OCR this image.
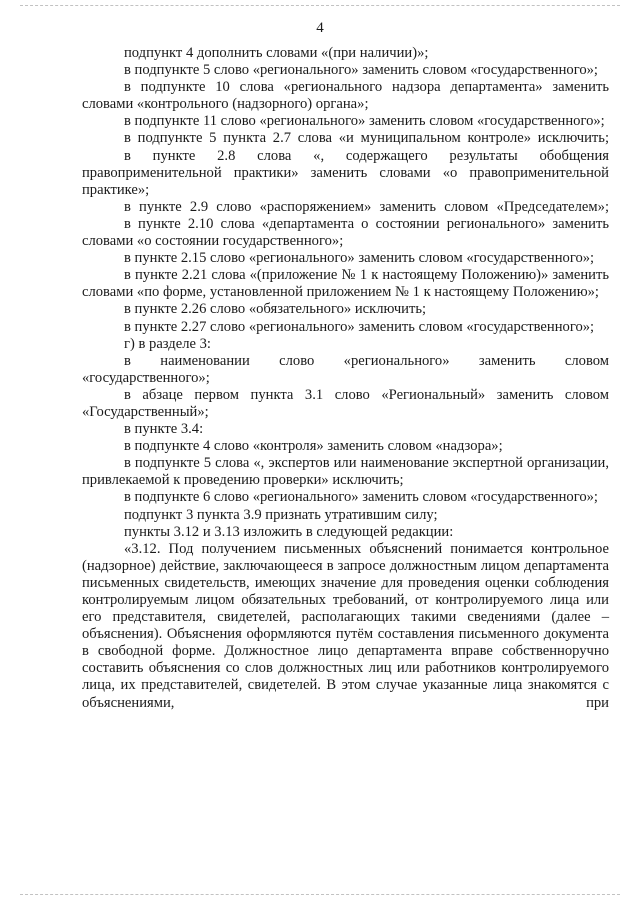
4

подпункт 4 дополнить словами «(при наличии)»;

в подпункте 5 слово «регионального» заменить словом «государственного»;

в подпункте 10 слова «регионального надзора департамента» заменить словами «контрольного (надзорного) органа»;

в подпункте 11 слово «регионального» заменить словом «государственного»;

в подпункте 5 пункта 2.7 слова «и муниципальном контроле» исключить;

в пункте 2.8 слова «, содержащего результаты обобщения правоприменительной практики» заменить словами «о правоприменительной практике»;

в пункте 2.9 слово «распоряжением» заменить словом «Председателем»;

в пункте 2.10 слова «департамента о состоянии регионального» заменить словами «о состоянии государственного»;

в пункте 2.15 слово «регионального» заменить словом «государственного»;

в пункте 2.21 слова «(приложение № 1 к настоящему Положению)» заменить словами «по форме, установленной приложением № 1 к настоящему Положению»;

в пункте 2.26 слово «обязательного» исключить;

в пункте 2.27 слово «регионального» заменить словом «государственного»;

г) в разделе 3:

в наименовании слово «регионального» заменить словом «государственного»;

в абзаце первом пункта 3.1 слово «Региональный» заменить словом «Государственный»;

в пункте 3.4:

в подпункте 4 слово «контроля» заменить словом «надзора»;

в подпункте 5 слова «, экспертов или наименование экспертной организации, привлекаемой к проведению проверки» исключить;

в подпункте 6 слово «регионального» заменить словом «государственного»;

подпункт 3 пункта 3.9 признать утратившим силу;

пункты 3.12 и 3.13 изложить в следующей редакции:

«3.12. Под получением письменных объяснений понимается контрольное (надзорное) действие, заключающееся в запросе должностным лицом департамента письменных свидетельств, имеющих значение для проведения оценки соблюдения контролируемым лицом обязательных требований, от контролируемого лица или его представителя, свидетелей, располагающих такими сведениями (далее – объяснения). Объяснения оформляются путём составления письменного документа в свободной форме. Должностное лицо департамента вправе собственноручно составить объяснения со слов должностных лиц или работников контролируемого лица, их представителей, свидетелей. В этом случае указанные лица знакомятся с объяснениями, при
